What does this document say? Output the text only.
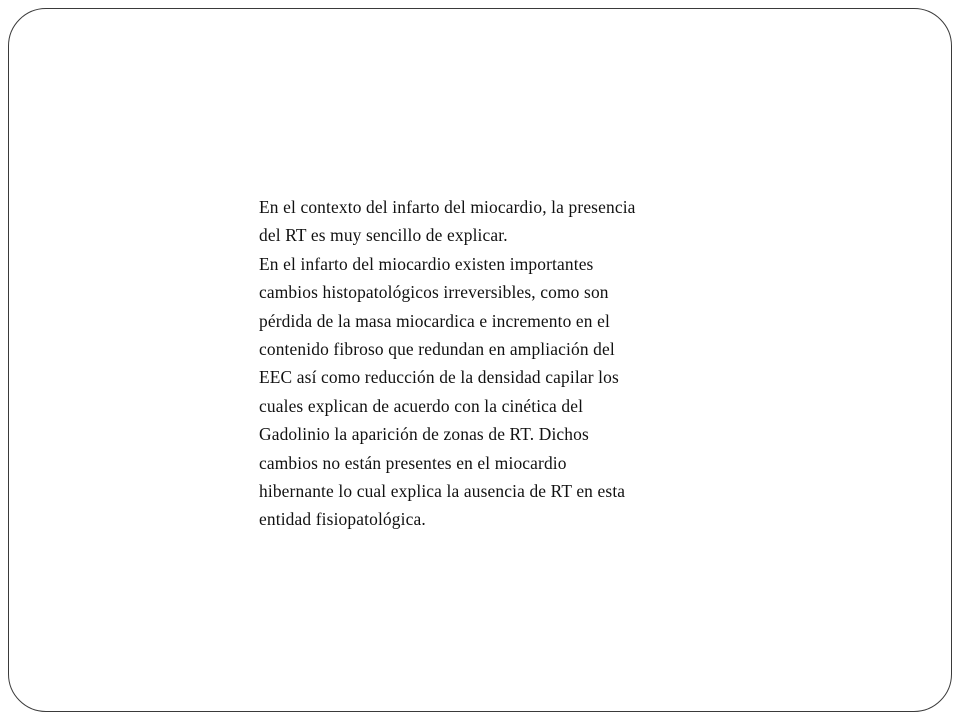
En el contexto del infarto del miocardio, la presencia
del RT es muy sencillo de explicar.
En el infarto del miocardio existen importantes
cambios histopatológicos irreversibles, como son
pérdida de la masa miocardica e incremento en el
contenido fibroso que redundan en ampliación del
EEC así como reducción de la densidad capilar los
cuales explican de acuerdo con la cinética del
Gadolinio la aparición de zonas de RT. Dichos
cambios no están presentes en el miocardio
hibernante lo cual explica la ausencia de RT en esta
entidad fisiopatológica.
